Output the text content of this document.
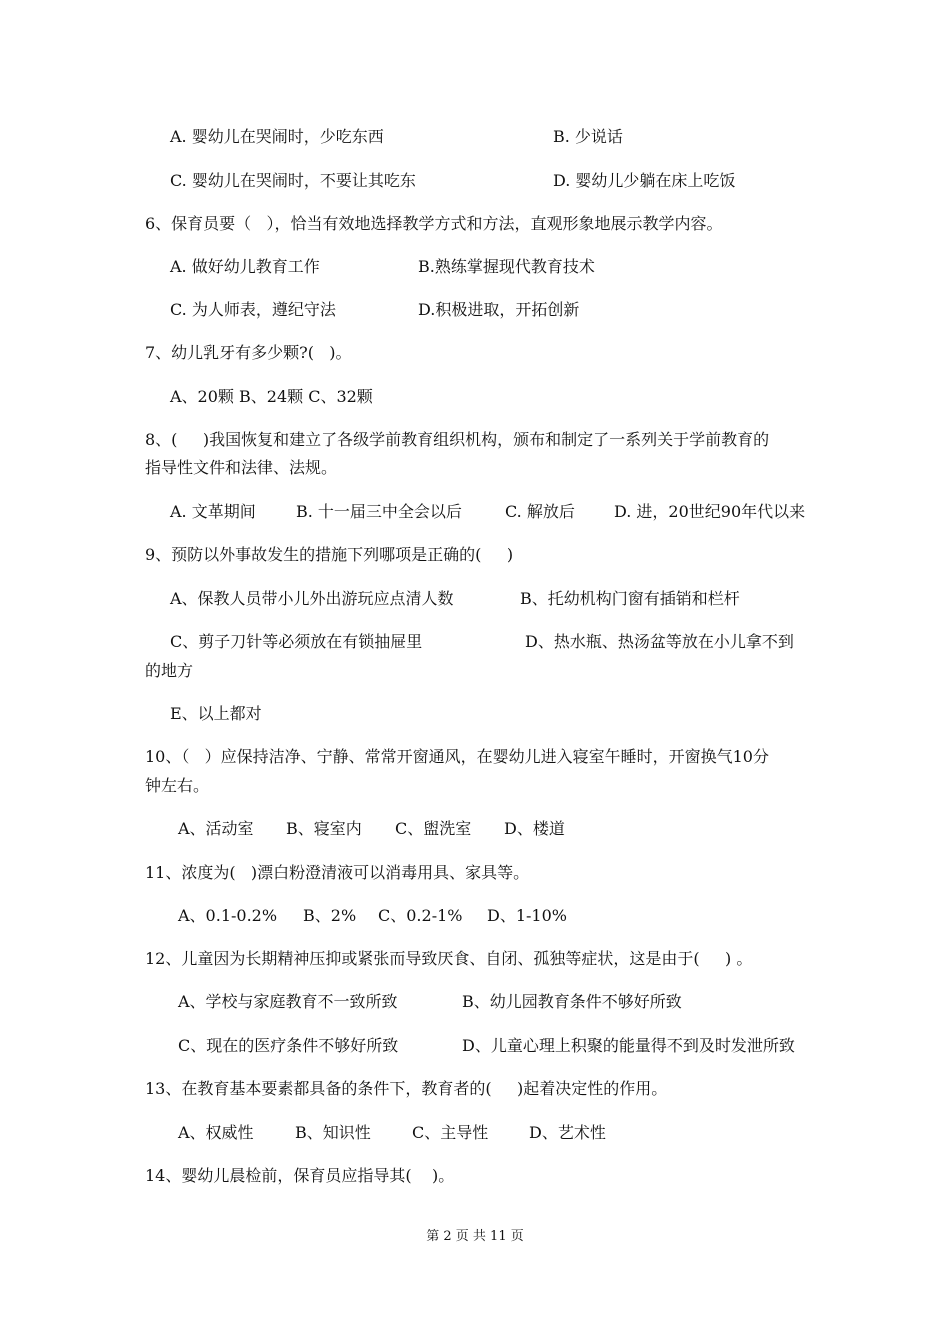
A. 婴幼儿在哭闹时，少吃东西	B. 少说话
C. 婴幼儿在哭闹时，不要让其吃东	D. 婴幼儿少躺在床上吃饭
6、保育员要（   ），恰当有效地选择教学方式和方法，直观形象地展示教学内容。
A. 做好幼儿教育工作	B.熟练掌握现代教育技术
C. 为人师表，遵纪守法	D.积极进取，开拓创新
7、幼儿乳牙有多少颗?(   )。
A、20颗 B、24颗 C、32颗
8、(     )我国恢复和建立了各级学前教育组织机构，颁布和制定了一系列关于学前教育的
指导性文件和法律、法规。
A. 文革期间	B. 十一届三中全会以后	C. 解放后 D. 进，20世纪90年代以来
9、预防以外事故发生的措施下列哪项是正确的(     )
A、保教人员带小儿外出游玩应点清人数	B、托幼机构门窗有插销和栏杆
C、剪子刀针等必须放在有锁抽屉里	D、热水瓶、热汤盆等放在小儿拿不到
的地方
E、以上都对
10、（   ）应保持洁净、宁静、常常开窗通风，在婴幼儿进入寝室午睡时，开窗换气10分
钟左右。
A、活动室 B、寝室内 C、盥洗室 D、楼道
11、浓度为(   )漂白粉澄清液可以消毒用具、家具等。
A、0.1-0.2% B、2% C、0.2-1% D、1-10%
12、儿童因为长期精神压抑或紧张而导致厌食、自闭、孤独等症状，这是由于(     ) 。
A、学校与家庭教育不一致所致	B、幼儿园教育条件不够好所致
C、现在的医疗条件不够好所致	D、儿童心理上积聚的能量得不到及时发泄所致
13、在教育基本要素都具备的条件下，教育者的(     )起着决定性的作用。
A、权威性	B、知识性	C、主导性	D、艺术性
14、婴幼儿晨检前，保育员应指导其(    )。
第 2 页 共 11 页
